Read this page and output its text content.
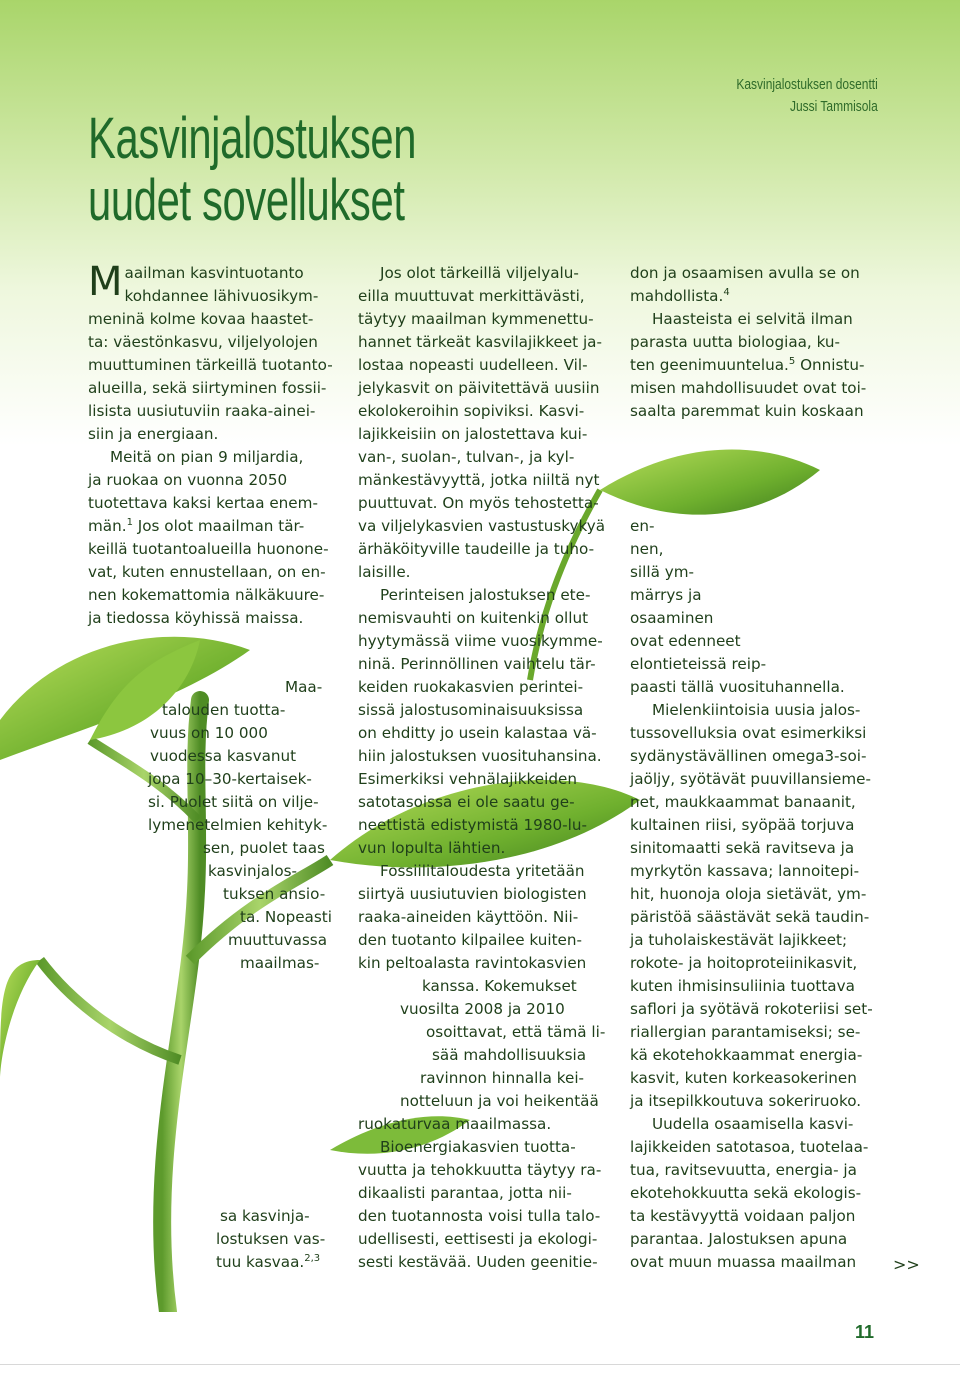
Kasvinjalostuksen dosentti
Jussi Tammisola
Kasvinjalostuksen
uudet sovellukset

M aailman kasvintuotanto
kohdannee lähivuosikym-
meninä kolme kovaa haastet-
ta: väestönkasvu, viljelyolojen
muuttuminen tärkeillä tuotanto-
alueilla, sekä siirtyminen fossii-
lisista uusiutuviin raaka-ainei-
siin ja energiaan.

Meitä on pian 9 miljardia,
ja ruokaa on vuonna 2050
tuotettava kaksi kertaa enem-
män.$^1$ Jos olot maailman tär-
keillä tuotantoalueilla huononе-
vat, kuten ennustellaan, on en-
nen kokemattomia nälkäkuure-
ja tiedossa köyhissä maissa.

Maa-
talouden tuotta-
vuus on 10 000
vuodessa kasvanut
jopa 10–30-kertaisek-
si. Puolet siitä on vilje-
lymenetelmien kehityk-
sen, puolet taas
kasvinjalos-
tuksen ansio-
ta. Nopeasti
muuttuvassa
maailmas-

sa kasvinja-
lostuksen vas-
tuu kasvaa.$^{2,3}$

Jos olot tärkeillä viljelyalu-
eilla muuttuvat merkittävästi,
täytyy maailman kymmenettu-
hannet tärkeät kasvilajikkeet ja-
lostaa nopeasti uudelleen. Vil-
jelykasvit on päivitettävä uusiin
ekolokeroihin sopiviksi. Kasvi-
lajikkeisiin on jalostettava kui-
van-, suolan-, tulvan-, ja kyl-
mänkestävyyttä, jotka niiltä nyt
puuttuvat. On myös tehostetta-
va viljelykasvien vastustuskykyä
ärhäköityville taudeille ja tuho-
laisille.

Perinteisen jalostuksen ete-
nemisvauhti on kuitenkin ollut
hyytymässä viime vuosikymme-
ninä. Perinnöllinen vaihtelu tär-
keiden ruokakasvien perintei-
sissä jalostusominaisuuksissa
on ehditty jo usein kalastaa vä-
hiin jalostuksen vuosituhansina.
Esimerkiksi vehnälajikkeiden
satotasoissa ei ole saatu ge-
neettistä edistymistä 1980-lu-
vun lopulta lähtien.

Fossiilitaloudesta yritetään
siirtyä uusiutuvien biologisten
raaka-aineiden käyttöön. Nii-
den tuotanto kilpailee kuiten-
kin peltoalasta ravintokasvien
kanssa. Kokemukset
vuosilta 2008 ja 2010
osoittavat, että tämä li-
sää mahdollisuuksia
ravinnon hinnalla kei-
notteluun ja voi heikentää
ruokaturvaa maailmassa.

Bioenergiakasvien tuotta-
vuutta ja tehokkuutta täytyy ra-
dikaalisti parantaa, jotta nii-
den tuotannosta voisi tulla talo-
udellisesti, eettisesti ja ekologi-
sesti kestävää. Uuden geenitie-

don ja osaamisen avulla se on
mahdollista.$^4$

Haasteista ei selvitä ilman
parasta uutta biologiaa, ku-
ten geenimuuntelua.$^5$ Onnistu-
misen mahdollisuudet ovat toi-
saalta paremmat kuin koskaan

en-
nen,
sillä ym-
märrys ja
osaaminen
ovat edenneet
elontieteissä reip-
paasti tällä vuosituhannella.

Mielenkiintoisia uusia jalos-
tussovelluksia ovat esimerkiksi
sydänystävällinen omega3-soi-
jaöljy, syötävät puuvillansieme-
net, maukkaammat banaanit,
kultainen riisi, syöpää torjuva
sinitomaatti sekä ravitseva ja
myrkytön kassava; lannoitepi-
hit, huonoja oloja sietävät, ym-
päristöä säästävät sekä taudin-
ja tuholaiskestävät lajikkeet;
rokote- ja hoitoproteiinikasvit,
kuten ihmisinsuliinia tuottava
saflori ja syötävä rokoteriisi set-
riallergian parantamiseksi; se-
kä ekotehokkaammat energia-
kasvit, kuten korkeasokerinen
ja itsepilkkoutuva sokeriruoko.

Uudella osaamisella kasvi-
lajikkeiden satotasoa, tuotelaa-
tua, ravitsevuutta, energia- ja
ekotehokkuutta sekä ekologis-
ta kestävyyttä voidaan paljon
parantaa. Jalostuksen apuna
ovat muun muassa maailman	>>
11
